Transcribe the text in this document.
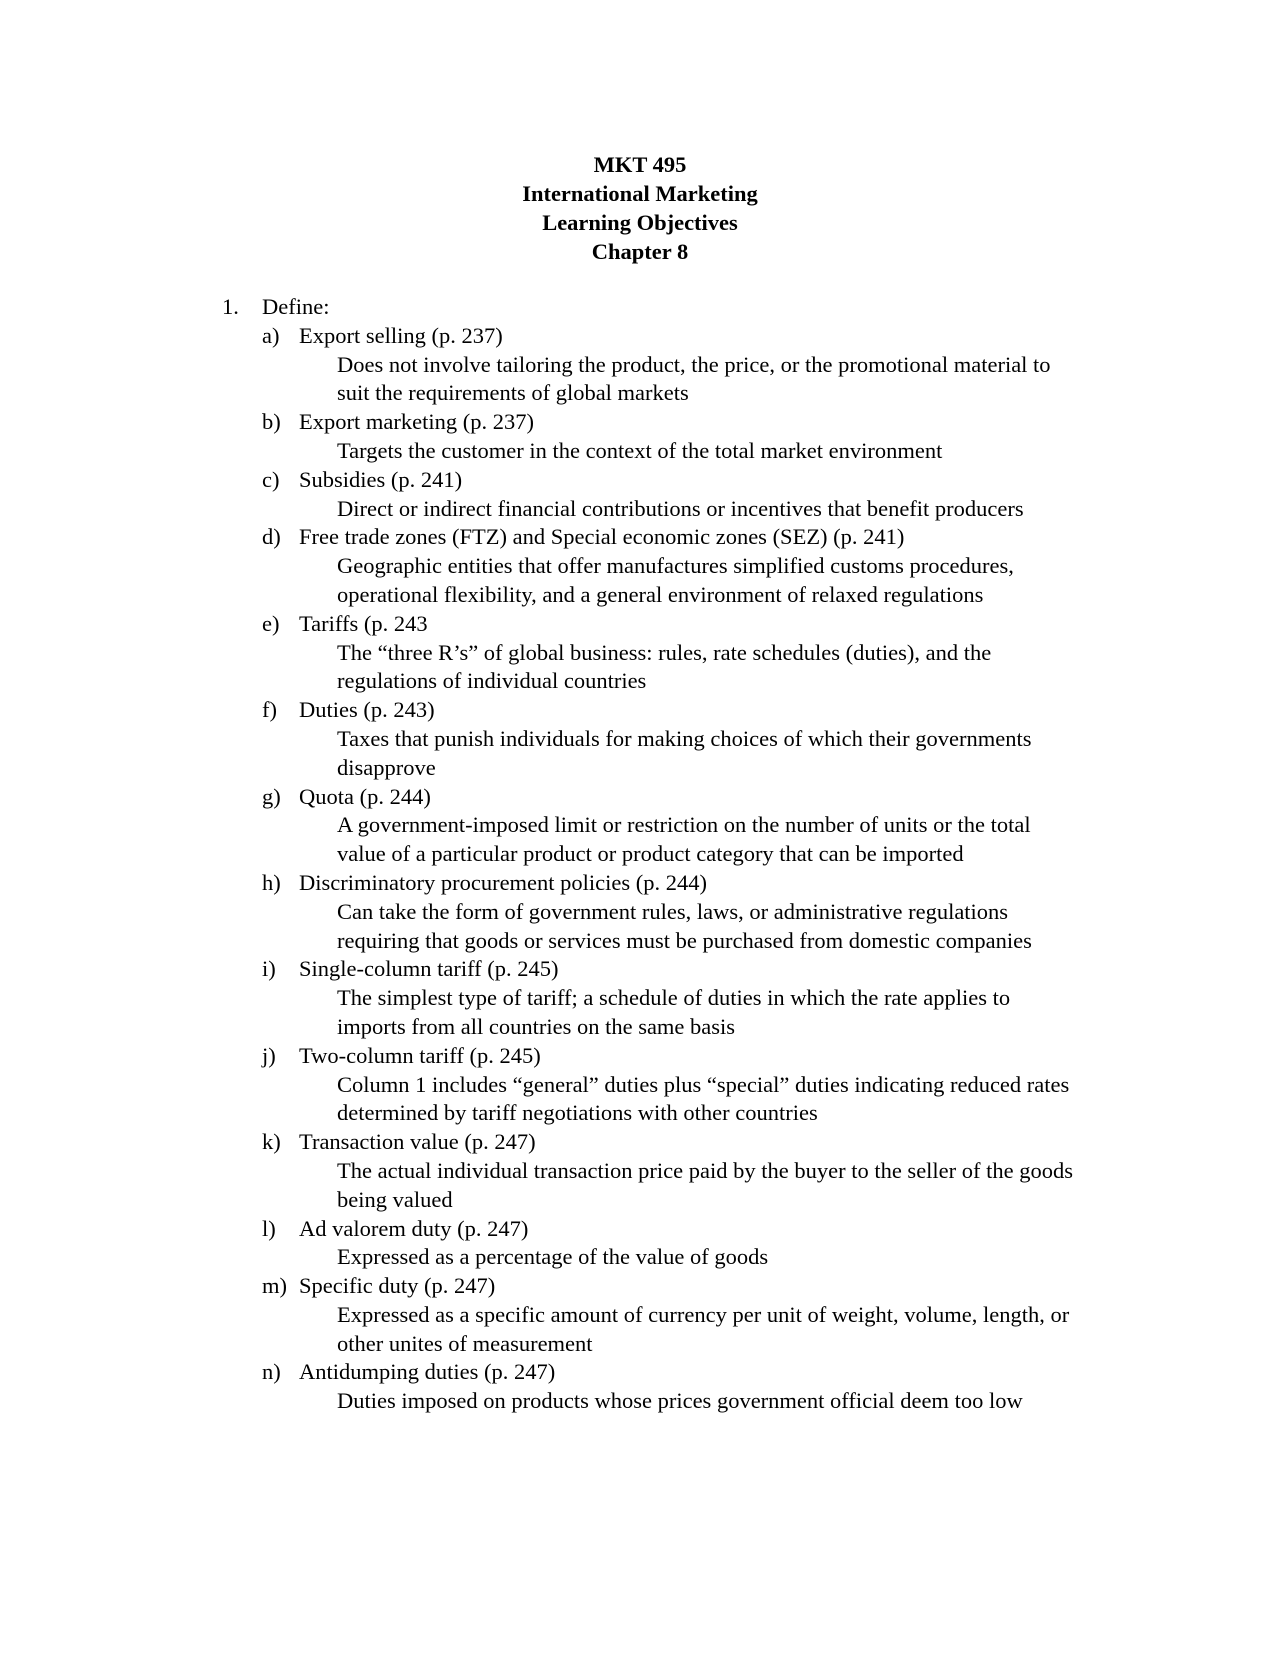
MKT 495
International Marketing
Learning Objectives
Chapter 8
1. Define:
a) Export selling (p. 237)
Does not involve tailoring the product, the price, or the promotional material to suit the requirements of global markets
b) Export marketing (p. 237)
Targets the customer in the context of the total market environment
c) Subsidies (p. 241)
Direct or indirect financial contributions or incentives that benefit producers
d) Free trade zones (FTZ) and Special economic zones (SEZ) (p. 241)
Geographic entities that offer manufactures simplified customs procedures, operational flexibility, and a general environment of relaxed regulations
e) Tariffs (p. 243
The “three R’s” of global business: rules, rate schedules (duties), and the regulations of individual countries
f) Duties (p. 243)
Taxes that punish individuals for making choices of which their governments disapprove
g) Quota (p. 244)
A government-imposed limit or restriction on the number of units or the total value of a particular product or product category that can be imported
h) Discriminatory procurement policies (p. 244)
Can take the form of government rules, laws, or administrative regulations requiring that goods or services must be purchased from domestic companies
i) Single-column tariff (p. 245)
The simplest type of tariff; a schedule of duties in which the rate applies to imports from all countries on the same basis
j) Two-column tariff (p. 245)
Column 1 includes “general” duties plus “special” duties indicating reduced rates determined by tariff negotiations with other countries
k) Transaction value (p. 247)
The actual individual transaction price paid by the buyer to the seller of the goods being valued
l) Ad valorem duty (p. 247)
Expressed as a percentage of the value of goods
m) Specific duty (p. 247)
Expressed as a specific amount of currency per unit of weight, volume, length, or other unites of measurement
n) Antidumping duties (p. 247)
Duties imposed on products whose prices government official deem too low
